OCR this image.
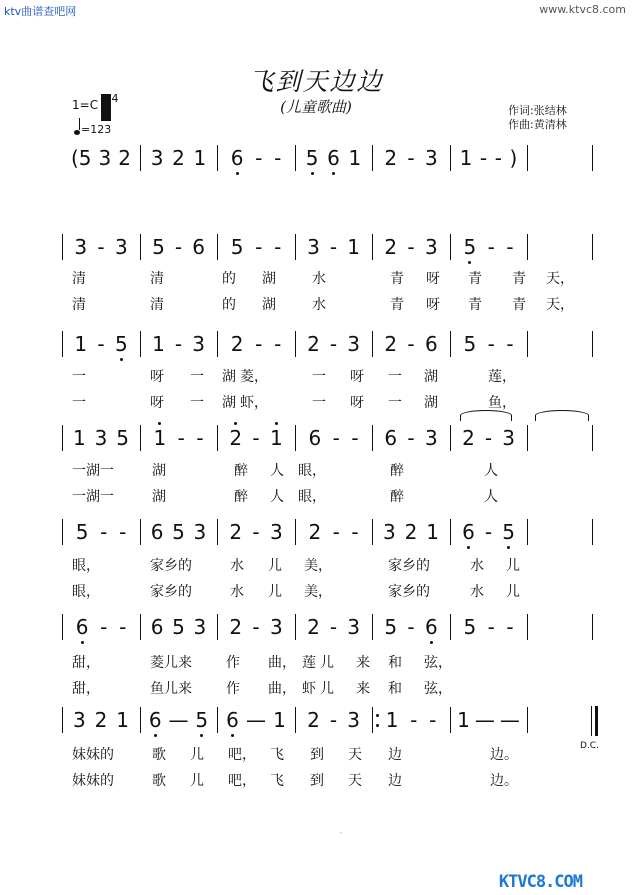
ktv曲谱查吧网	www.ktvc8.com
飞到天边边
(儿童歌曲)
1=C	4
=123
作词:张结林
作曲:黄清林
(5 3 2 3 2 1 6 - - 5 6 1 2 - 3 1 - - )
3 - 3 5 - 6 5 - - 3 - 1 2 - 3 5 - -
1 - 5 1 - 3 2 - - 2 - 3 2 - 6 5 - -
1 3 5 1 - - 2 - 1 6 - - 6 - 3 2 - 3
5 - - 6 5 3 2 - 3 2 - - 3 2 1 6 - 5
6 - - 6 5 3 2 - 3 2 - 3 5 - 6 5 - -
3 2 1 6 — 5 6 — 1 2 - 3 1 - - 1 — —
清	清	的 湖	水	青 呀 青 青 天，
清	清	的 湖	水	青 呀 青 青 天，
一	呀 一 湖 菱，	一 呀 一 湖	莲，
一	呀 一 湖 虾，	一 呀 一 湖	鱼，
一湖一	湖	醉 人 眼，	醉	人
一湖一	湖	醉 人 眼，	醉	人
眼，	家乡的	水 儿 美，	家乡的	水 儿
眼，	家乡的	水 儿 美，	家乡的	水 儿
甜，	菱儿来 作 曲， 莲 儿 来 和 弦，
甜，	鱼儿来 作 曲， 虾 儿 来 和 弦，
妹妹的	歌 儿 吧， 飞 到 天 边	边。
妹妹的	歌 儿 吧， 飞 到 天 边	边。
D.C.
,
KTVC8.COM
